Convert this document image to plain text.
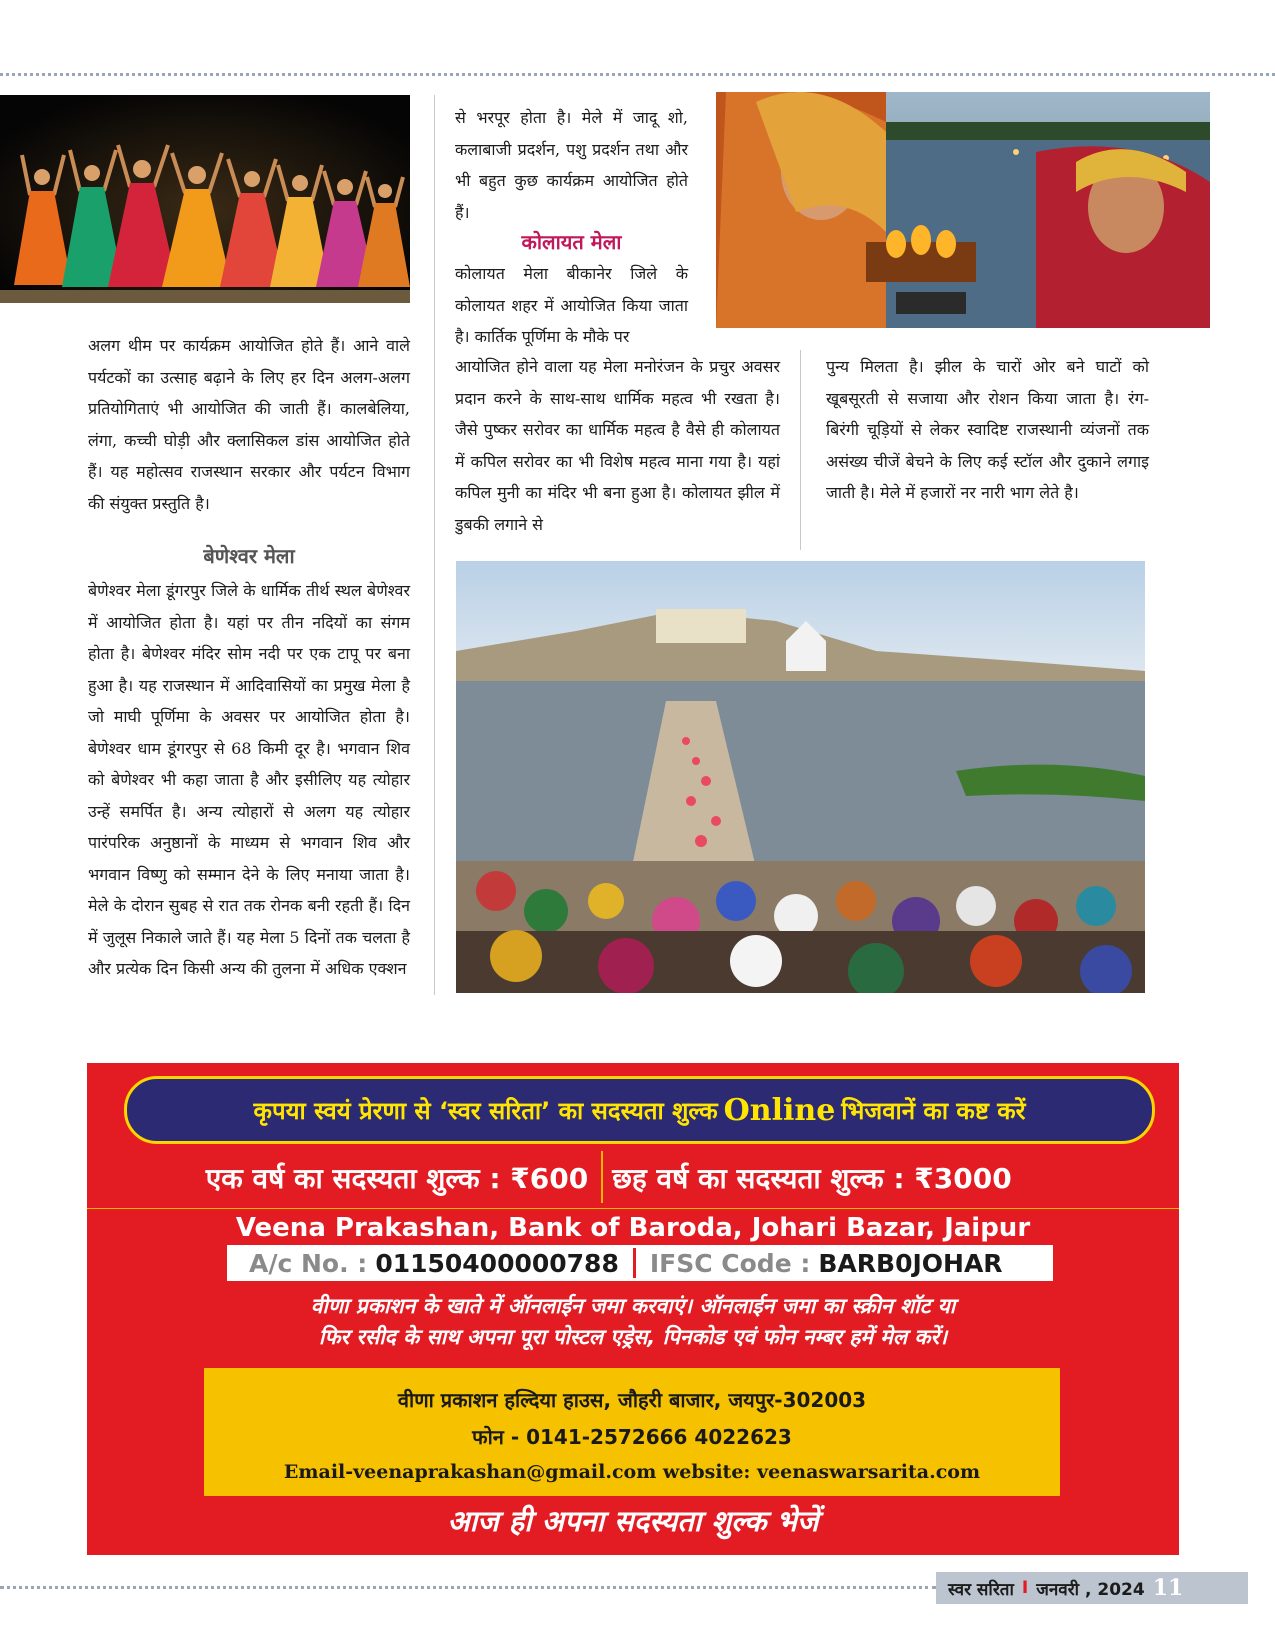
अलग थीम पर कार्यक्रम आयोजित होते हैं। आने वाले पर्यटकों का उत्साह बढ़ाने के लिए हर दिन अलग-अलग प्रतियोगिताएं भी आयोजित की जाती हैं। कालबेलिया, लंगा, कच्ची घोड़ी और क्लासिकल डांस आयोजित होते हैं। यह महोत्सव राजस्थान सरकार और पर्यटन विभाग की संयुक्त प्रस्तुति है।

बेणेश्वर मेला

बेणेश्वर मेला डूंगरपुर जिले के धार्मिक तीर्थ स्थल बेणेश्वर में आयोजित होता है। यहां पर तीन नदियों का संगम होता है। बेणेश्वर मंदिर सोम नदी पर एक टापू पर बना हुआ है। यह राजस्थान में आदिवासियों का प्रमुख मेला है जो माघी पूर्णिमा के अवसर पर आयोजित होता है। बेणेश्वर धाम डूंगरपुर से 68 किमी दूर है। भगवान शिव को बेणेश्वर भी कहा जाता है और इसीलिए यह त्योहार उन्हें समर्पित है। अन्य त्योहारों से अलग यह त्योहार पारंपरिक अनुष्ठानों के माध्यम से भगवान शिव और भगवान विष्णु को सम्मान देने के लिए मनाया जाता है। मेले के दोरान सुबह से रात तक रोनक बनी रहती हैं। दिन में जुलूस निकाले जाते हैं। यह मेला 5 दिनों तक चलता है और प्रत्येक दिन किसी अन्य की तुलना में अधिक एक्शन

से भरपूर होता है। मेले में जादू शो, कलाबाजी प्रदर्शन, पशु प्रदर्शन तथा और भी बहुत कुछ कार्यक्रम आयोजित होते हैं।

कोलायत मेला

कोलायत मेला बीकानेर जिले के कोलायत शहर में आयोजित किया जाता है। कार्तिक पूर्णिमा के मौके पर

आयोजित होने वाला यह मेला मनोरंजन के प्रचुर अवसर प्रदान करने के साथ-साथ धार्मिक महत्व भी रखता है। जैसे पुष्कर सरोवर का धार्मिक महत्व है वैसे ही कोलायत में कपिल सरोवर का भी विशेष महत्व माना गया है। यहां कपिल मुनी का मंदिर भी बना हुआ है। कोलायत झील में डुबकी लगाने से

पुन्य मिलता है। झील के चारों ओर बने घाटों को खूबसूरती से सजाया और रोशन किया जाता है। रंग-बिरंगी चूड़ियों से लेकर स्वादिष्ट राजस्थानी व्यंजनों तक असंख्य चीजें बेचने के लिए कई स्टॉल और दुकाने लगाइ जाती है। मेले में हजारों नर नारी भाग लेते है।

कृपया स्वयं प्रेरणा से ‘स्वर सरिता’ का सदस्यता शुल्क Online भिजवानें का कष्ट करें
एक वर्ष का सदस्यता शुल्क : ₹600 छह वर्ष का सदस्यता शुल्क : ₹3000
Veena Prakashan, Bank of Baroda, Johari Bazar, Jaipur
A/c No. : 01150400000788 IFSC Code : BARB0JOHAR
वीणा प्रकाशन के खाते में ऑनलाईन जमा करवाएं। ऑनलाईन जमा का स्क्रीन शॉट या
फिर रसीद के साथ अपना पूरा पोस्टल एड्रेस, पिनकोड एवं फोन नम्बर हमें मेल करें।
वीणा प्रकाशन हल्दिया हाउस, जौहरी बाजार, जयपुर-302003
फोन - 0141-2572666 4022623
Email-veenaprakashan@gmail.com website: veenaswarsarita.com
आज ही अपना सदस्यता शुल्क भेजें
स्वर सरिता I जनवरी , 2024 11
